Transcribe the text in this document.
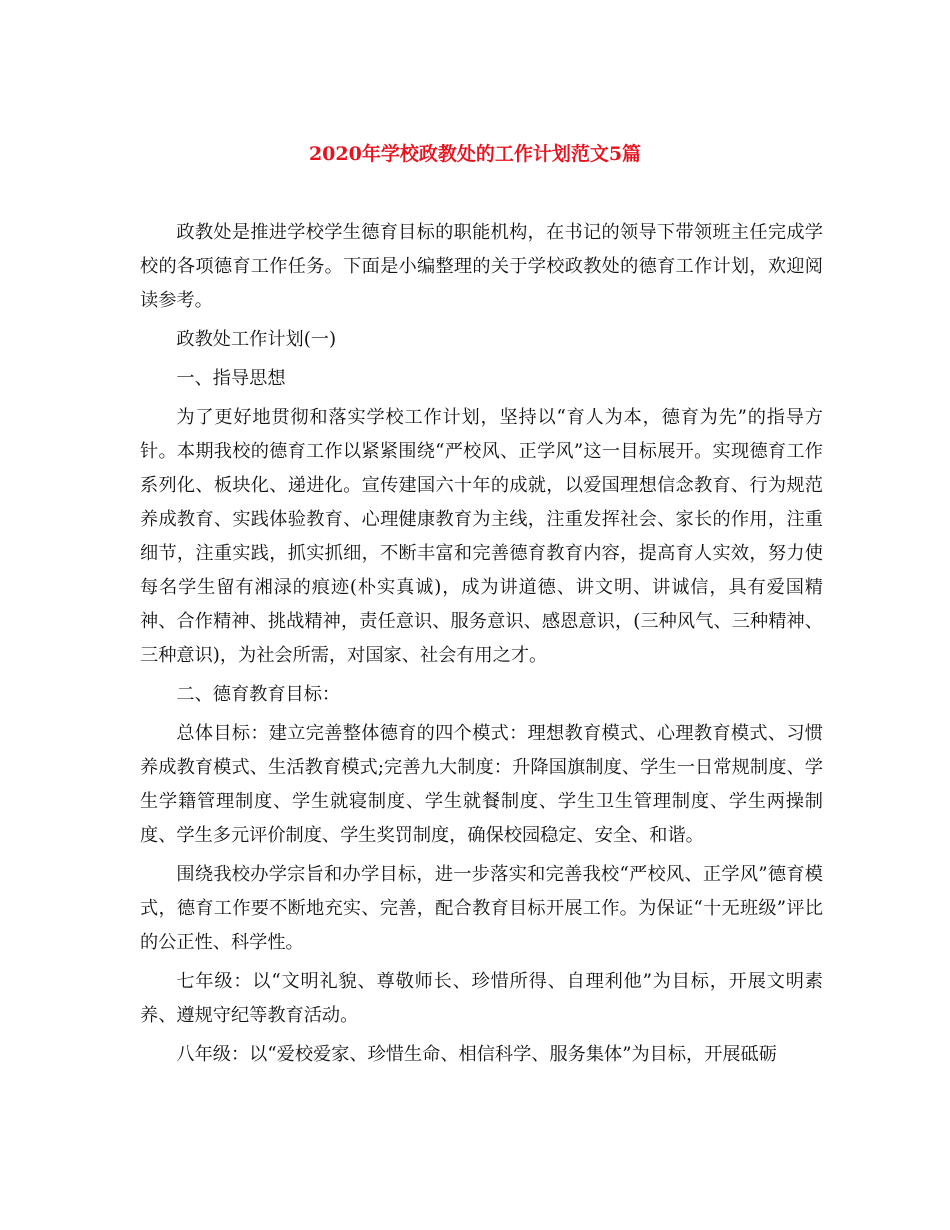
2020年学校政教处的工作计划范文5篇

政教处是推进学校学生德育目标的职能机构，在书记的领导下带领班主任完成学校的各项德育工作任务。下面是小编整理的关于学校政教处的德育工作计划，欢迎阅读参考。

政教处工作计划(一)

一、指导思想

为了更好地贯彻和落实学校工作计划，坚持以“育人为本，德育为先”的指导方针。本期我校的德育工作以紧紧围绕“严校风、正学风”这一目标展开。实现德育工作系列化、板块化、递进化。宣传建国六十年的成就，以爱国理想信念教育、行为规范养成教育、实践体验教育、心理健康教育为主线，注重发挥社会、家长的作用，注重细节，注重实践，抓实抓细，不断丰富和完善德育教育内容，提高育人实效，努力使每名学生留有湘渌的痕迹(朴实真诚)，成为讲道德、讲文明、讲诚信，具有爱国精神、合作精神、挑战精神，责任意识、服务意识、感恩意识，(三种风气、三种精神、三种意识)，为社会所需，对国家、社会有用之才。

二、德育教育目标：

总体目标：建立完善整体德育的四个模式：理想教育模式、心理教育模式、习惯养成教育模式、生活教育模式;完善九大制度：升降国旗制度、学生一日常规制度、学生学籍管理制度、学生就寝制度、学生就餐制度、学生卫生管理制度、学生两操制度、学生多元评价制度、学生奖罚制度，确保校园稳定、安全、和谐。

围绕我校办学宗旨和办学目标，进一步落实和完善我校“严校风、正学风”德育模式，德育工作要不断地充实、完善，配合教育目标开展工作。为保证“十无班级”评比的公正性、科学性。

七年级：以“文明礼貌、尊敬师长、珍惜所得、自理利他”为目标，开展文明素养、遵规守纪等教育活动。

八年级：以“爱校爱家、珍惜生命、相信科学、服务集体”为目标，开展砥砺
